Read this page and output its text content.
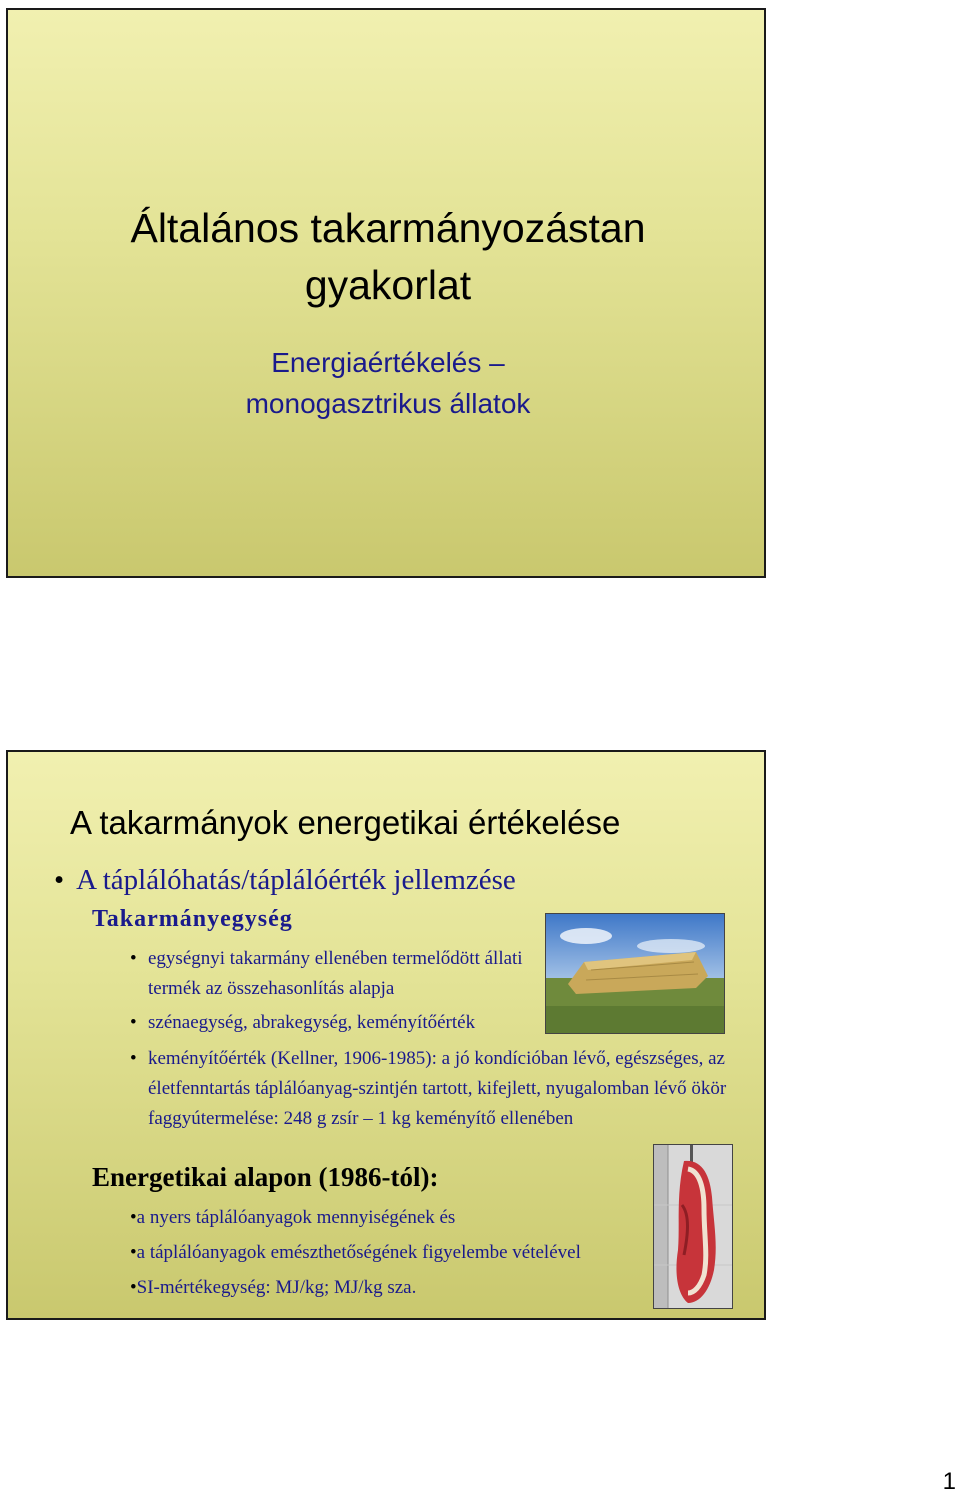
Általános takarmányozástan
gyakorlat
Energiaértékelés –
monogasztrikus állatok
A takarmányok energetikai értékelése
• A táplálóhatás/táplálóérték jellemzése
Takarmányegység
• egységnyi takarmány ellenében termelődött állati termék az összehasonlítás alapja
• szénaegység, abrakegység, keményítőérték
• keményítőérték (Kellner, 1906-1985): a jó kondícióban lévő, egészséges, az életfenntartás táplálóanyag-szintjén tartott, kifejlett, nyugalomban lévő ökör faggyútermelése: 248 g zsír – 1 kg keményítő ellenében
Energetikai alapon (1986-tól):
•a nyers táplálóanyagok mennyiségének és
•a táplálóanyagok emészthetőségének figyelembe vételével
•SI-mértékegység: MJ/kg; MJ/kg sza.
1
